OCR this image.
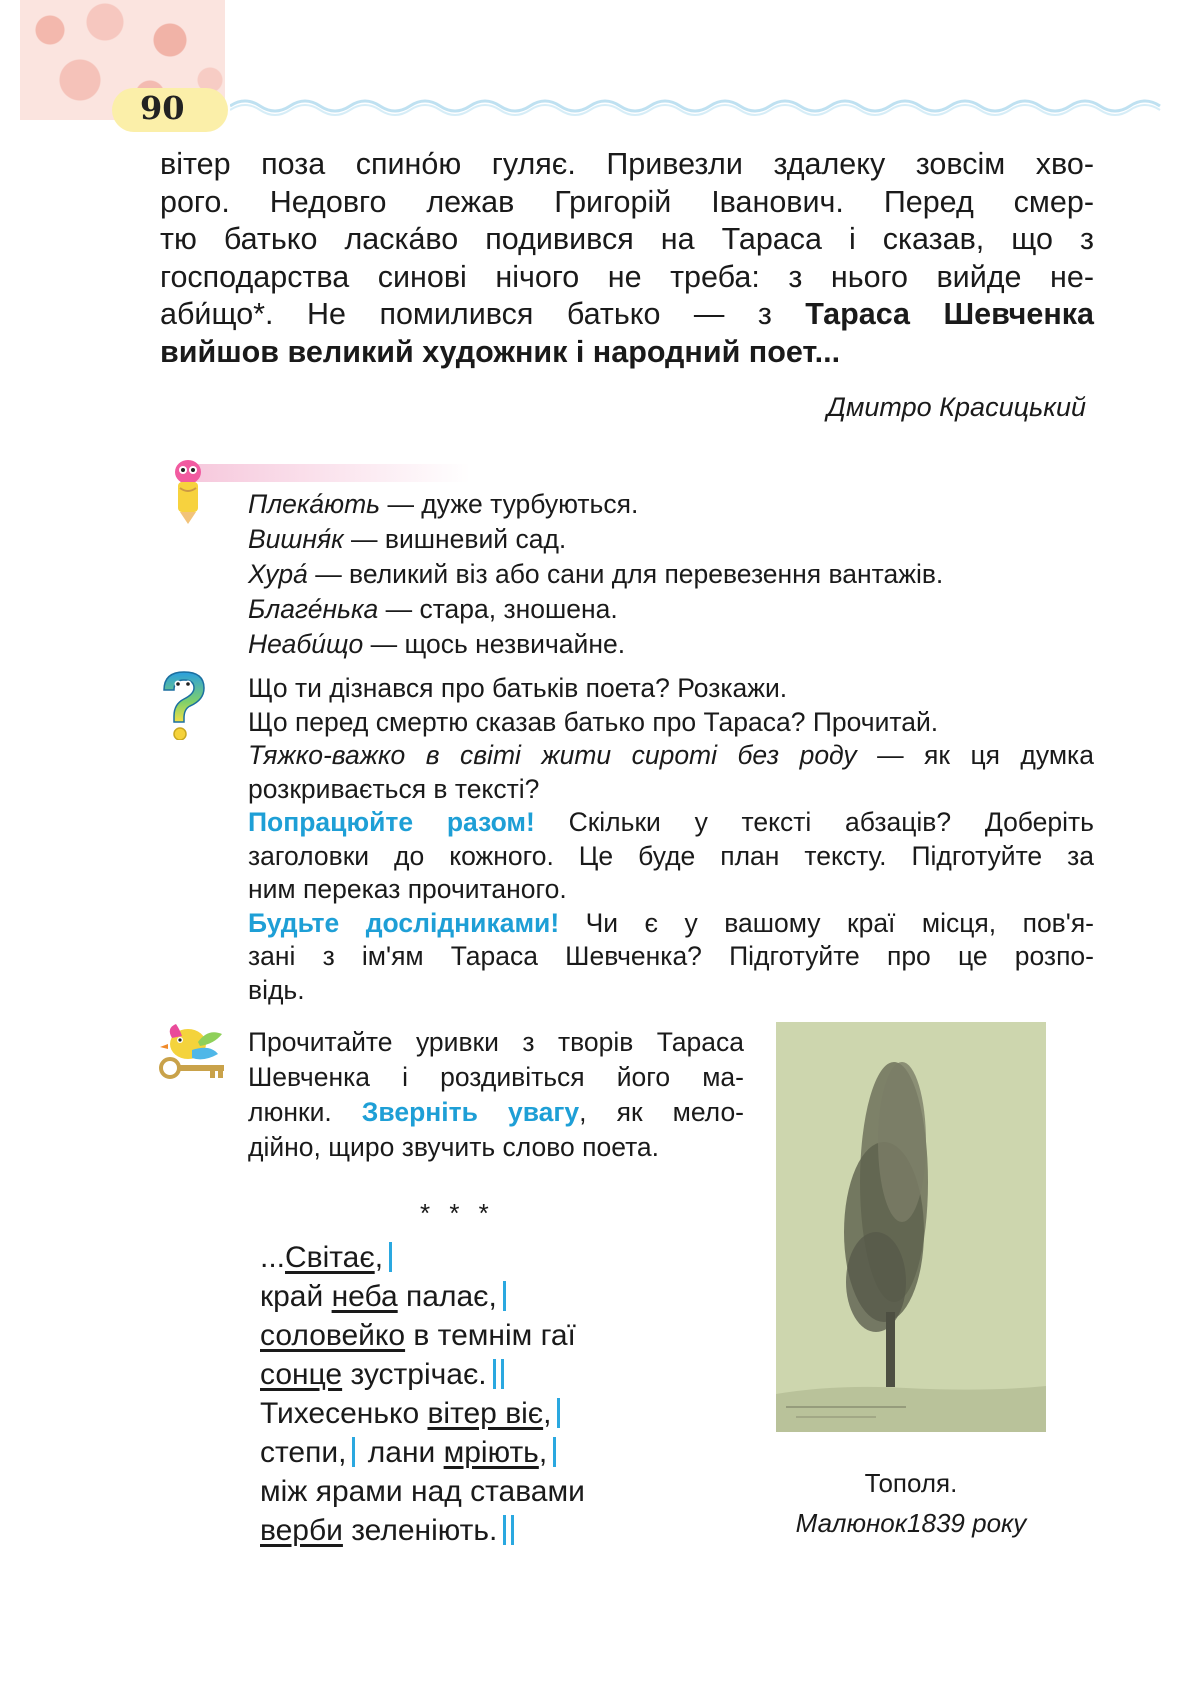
90

вітер поза спино́ю гуляє. Привезли здалеку зовсім хво-

рого. Недовго лежав Григорій Іванович. Перед смер-

тю батько ласка́во подивився на Тараса і сказав, що з

господарства синові нічого не треба: з нього вийде не-

аби́що*. Не помилився батько — з Тараса Шевченка

вийшов великий художник і народний поет...

Дмитро Красицький
Плека́ють — дуже турбуються.
Вишня́к — вишневий сад.
Хура́ — великий віз або сани для перевезення вантажів.
Благе́нька — стара, зношена.
Неаби́що — щось незвичайне.
Що ти дізнався про батьків поета? Розкажи.
Що перед смертю сказав батько про Тараса? Прочитай.
Тяжко-важко в світі жити сироті без роду — як ця думка
розкривається в тексті?
Попрацюйте разом! Скільки у тексті абзаців? Доберіть
заголовки до кожного. Це буде план тексту. Підготуйте за
ним переказ прочитаного.
Будьте дослідниками! Чи є у вашому краї місця, пов'я-
зані з ім'ям Тараса Шевченка? Підготуйте про це розпо-
відь.
Прочитайте уривки з творів Тараса
Шевченка і роздивіться його ма-
люнки. Зверніть увагу, як мело-
дійно, щиро звучить слово поета.
Тополя.
Малюнок1839 року
* * *
...Світає,
край неба палає,
соловейко в темнім гаї
сонце зустрічає.
Тихесенько вітер віє,
степи, лани мріють,
між ярами над ставами
верби зеленіють.
